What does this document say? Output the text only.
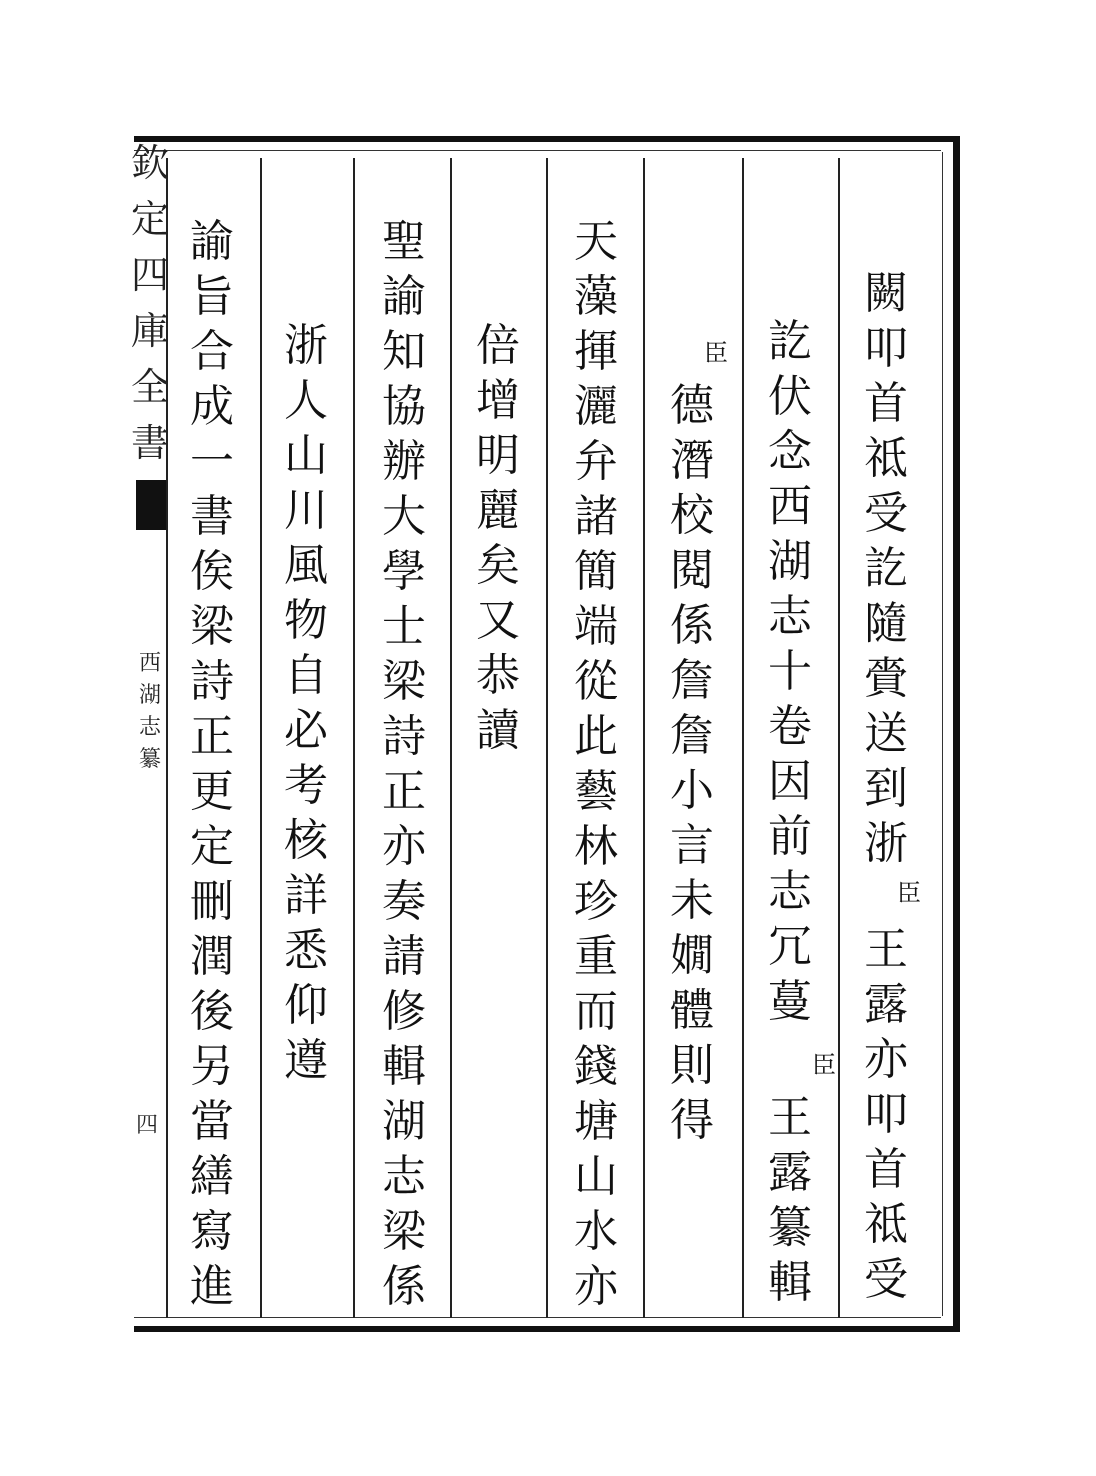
欽
定
四
庫
全
書
西
湖
志
纂
四
闕
叩
首
祗
受
訖
隨
賫
送
到
浙
臣
王
露
亦
叩
首
祗
受
訖
伏
念
西
湖
志
十
卷
因
前
志
冗
蔓
臣
王
露
纂
輯
臣
德
潛
校
閱
係
詹
詹
小
言
未
嫺
體
則
得
天
藻
揮
灑
弁
諸
簡
端
從
此
藝
林
珍
重
而
錢
塘
山
水
亦
倍
增
明
麗
矣
又
恭
讀
聖
諭
知
協
辦
大
學
士
梁
詩
正
亦
奏
請
修
輯
湖
志
梁
係
浙
人
山
川
風
物
自
必
考
核
詳
悉
仰
遵
諭
旨
合
成
一
書
俟
梁
詩
正
更
定
刪
潤
後
另
當
繕
寫
進
